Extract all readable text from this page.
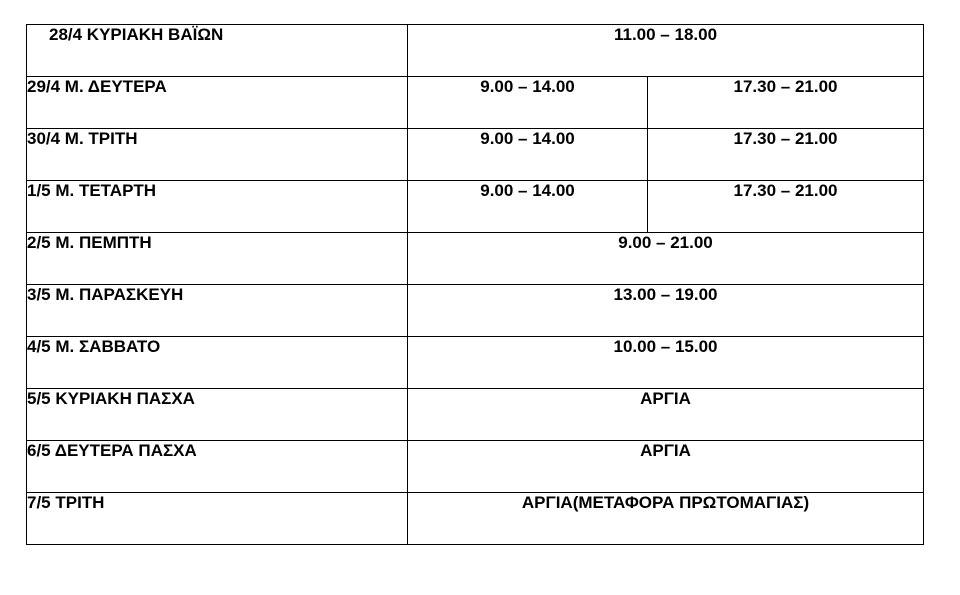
28/4 ΚΥΡΙΑΚΗ ΒΑΪΩΝ	11.00 – 18.00	
29/4 Μ. ΔΕΥΤΕΡΑ	9.00 – 14.00	17.30 – 21.00
30/4 Μ. ΤΡΙΤΗ	9.00 – 14.00	17.30 – 21.00
1/5 Μ. ΤΕΤΑΡΤΗ	9.00 – 14.00	17.30 – 21.00
2/5 Μ. ΠΕΜΠΤΗ	9.00 – 21.00	
3/5 Μ. ΠΑΡΑΣΚΕΥΗ	13.00 – 19.00	
4/5 Μ. ΣΑΒΒΑΤΟ	10.00 – 15.00	
5/5 ΚΥΡΙΑΚΗ ΠΑΣΧΑ	ΑΡΓΙΑ	
6/5 ΔΕΥΤΕΡΑ ΠΑΣΧΑ	ΑΡΓΙΑ	
7/5 ΤΡΙΤΗ	ΑΡΓΙΑ(ΜΕΤΑΦΟΡΑ ΠΡΩΤΟΜΑΓΙΑΣ)	
